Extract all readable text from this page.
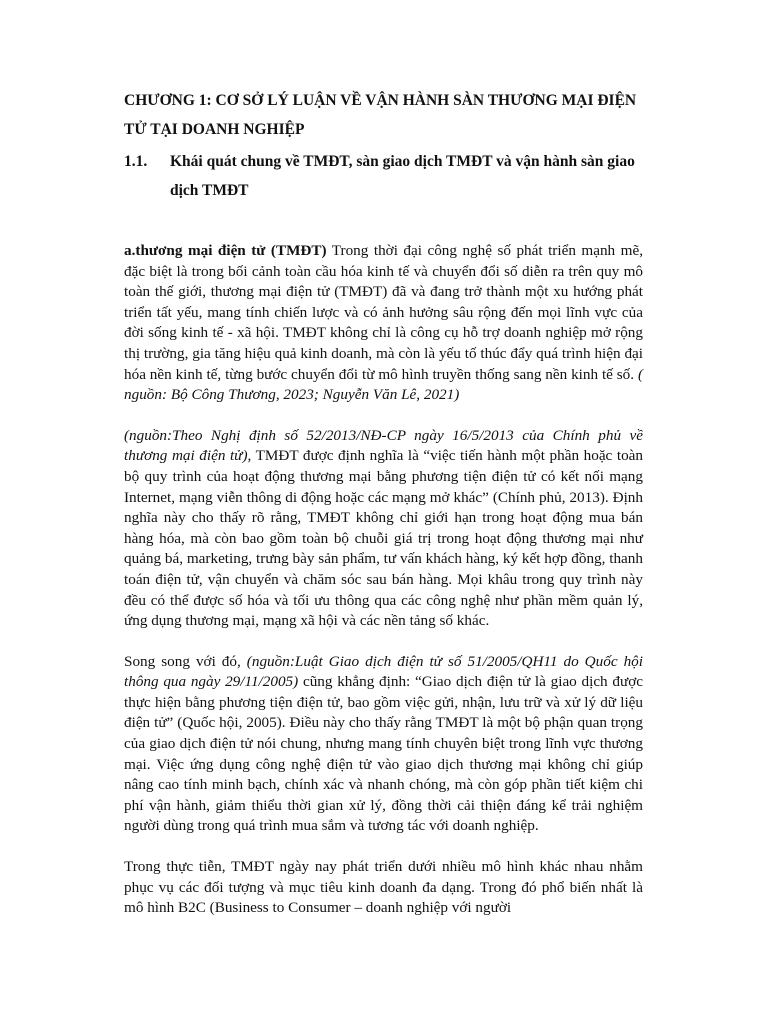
CHƯƠNG 1: CƠ SỞ LÝ LUẬN VỀ VẬN HÀNH SÀN THƯƠNG MẠI ĐIỆN TỬ TẠI DOANH NGHIỆP
1.1.	Khái quát chung về TMĐT, sàn giao dịch TMĐT và vận hành sàn giao dịch TMĐT

a.thương mại điện tử (TMĐT) Trong thời đại công nghệ số phát triển mạnh mẽ, đặc biệt là trong bối cảnh toàn cầu hóa kinh tế và chuyển đổi số diễn ra trên quy mô toàn thế giới, thương mại điện tử (TMĐT) đã và đang trở thành một xu hướng phát triển tất yếu, mang tính chiến lược và có ảnh hưởng sâu rộng đến mọi lĩnh vực của đời sống kinh tế - xã hội. TMĐT không chỉ là công cụ hỗ trợ doanh nghiệp mở rộng thị trường, gia tăng hiệu quả kinh doanh, mà còn là yếu tố thúc đẩy quá trình hiện đại hóa nền kinh tế, từng bước chuyển đổi từ mô hình truyền thống sang nền kinh tế số. ( nguồn: Bộ Công Thương, 2023; Nguyễn Văn Lê, 2021)

(nguồn:Theo Nghị định số 52/2013/NĐ-CP ngày 16/5/2013 của Chính phủ về thương mại điện tử), TMĐT được định nghĩa là “việc tiến hành một phần hoặc toàn bộ quy trình của hoạt động thương mại bằng phương tiện điện tử có kết nối mạng Internet, mạng viễn thông di động hoặc các mạng mở khác” (Chính phủ, 2013). Định nghĩa này cho thấy rõ rằng, TMĐT không chỉ giới hạn trong hoạt động mua bán hàng hóa, mà còn bao gồm toàn bộ chuỗi giá trị trong hoạt động thương mại như quảng bá, marketing, trưng bày sản phẩm, tư vấn khách hàng, ký kết hợp đồng, thanh toán điện tử, vận chuyển và chăm sóc sau bán hàng. Mọi khâu trong quy trình này đều có thể được số hóa và tối ưu thông qua các công nghệ như phần mềm quản lý, ứng dụng thương mại, mạng xã hội và các nền tảng số khác.

Song song với đó, (nguồn:Luật Giao dịch điện tử số 51/2005/QH11 do Quốc hội thông qua ngày 29/11/2005) cũng khẳng định: “Giao dịch điện tử là giao dịch được thực hiện bằng phương tiện điện tử, bao gồm việc gửi, nhận, lưu trữ và xử lý dữ liệu điện tử” (Quốc hội, 2005). Điều này cho thấy rằng TMĐT là một bộ phận quan trọng của giao dịch điện tử nói chung, nhưng mang tính chuyên biệt trong lĩnh vực thương mại. Việc ứng dụng công nghệ điện tử vào giao dịch thương mại không chỉ giúp nâng cao tính minh bạch, chính xác và nhanh chóng, mà còn góp phần tiết kiệm chi phí vận hành, giảm thiểu thời gian xử lý, đồng thời cải thiện đáng kể trải nghiệm người dùng trong quá trình mua sắm và tương tác với doanh nghiệp.

Trong thực tiễn, TMĐT ngày nay phát triển dưới nhiều mô hình khác nhau nhằm phục vụ các đối tượng và mục tiêu kinh doanh đa dạng. Trong đó phổ biến nhất là mô hình B2C (Business to Consumer – doanh nghiệp với người
